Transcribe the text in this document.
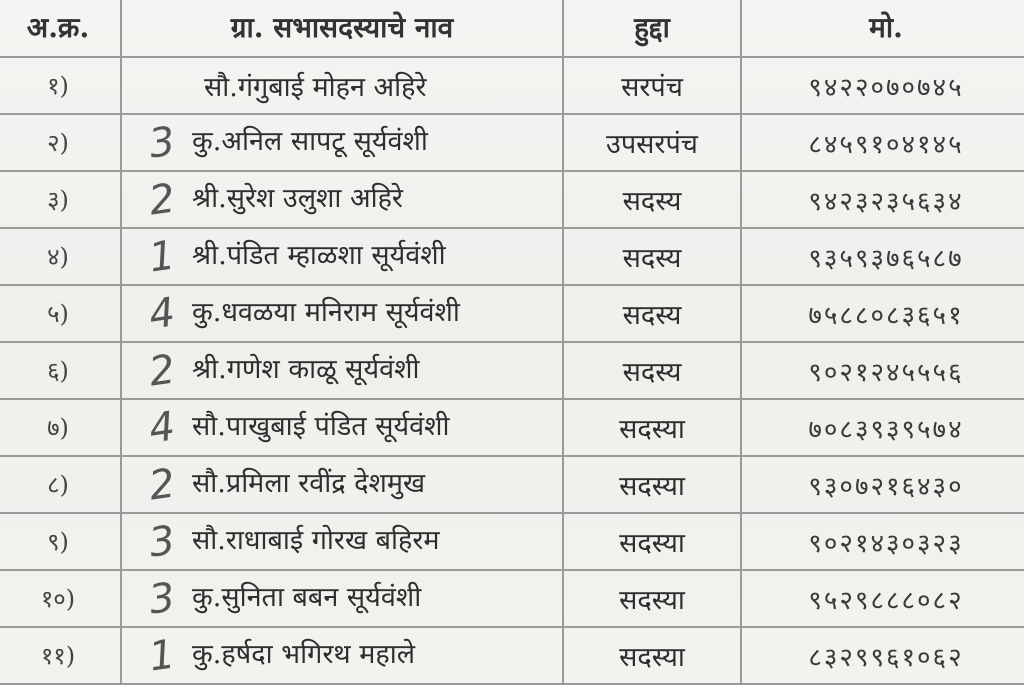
अ.क्र.	ग्रा. सभासदस्याचे नाव	हुद्दा	मो.
१)	सौ.गंगुबाई मोहन अहिरे	सरपंच	९४२२०७०७४५
२)	3 कु.अनिल सापटू सूर्यवंशी	उपसरपंच	८४५९१०४१४५
३)	2 श्री.सुरेश उलुशा अहिरे	सदस्य	९४२३२३५६३४
४)	1 श्री.पंडित म्हाळशा सूर्यवंशी	सदस्य	९३५९३७६५८७
५)	4 कु.धवळया मनिराम सूर्यवंशी	सदस्य	७५८८०८३६५१
६)	2 श्री.गणेश काळू सूर्यवंशी	सदस्य	९०२१२४५५५६
७)	4 सौ.पाखुबाई पंडित सूर्यवंशी	सदस्या	७०८३९३९५७४
८)	2 सौ.प्रमिला रवींद्र देशमुख	सदस्या	९३०७२१६४३०
९)	3 सौ.राधाबाई गोरख बहिरम	सदस्या	९०२१४३०३२३
१०)	3 कु.सुनिता बबन सूर्यवंशी	सदस्या	९५२९८८८०८२
११)	1 कु.हर्षदा भगिरथ महाले	सदस्या	८३२९९६१०६२
